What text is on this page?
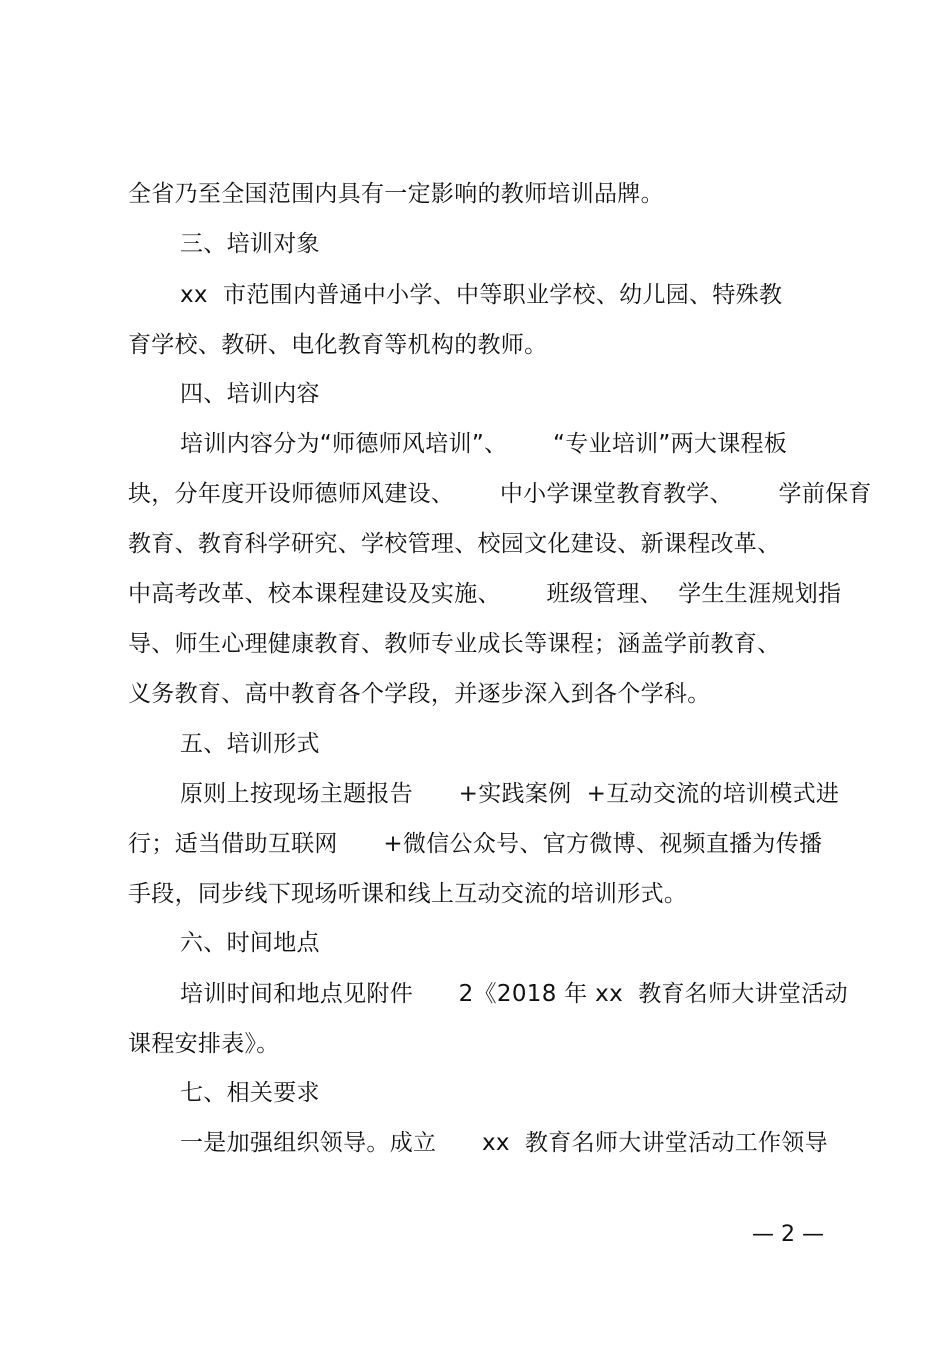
全省乃至全国范围内具有一定影响的教师培训品牌。
三、培训对象
xx  市范围内普通中小学、中等职业学校、幼儿园、特殊教
育学校、教研、电化教育等机构的教师。
四、培训内容
培训内容分为“师德师风培训”、      “专业培训”两大课程板
块，分年度开设师德师风建设、      中小学课堂教育教学、      学前保育
教育、教育科学研究、学校管理、校园文化建设、新课程改革、
中高考改革、校本课程建设及实施、      班级管理、  学生生涯规划指
导、师生心理健康教育、教师专业成长等课程；涵盖学前教育、
义务教育、高中教育各个学段，并逐步深入到各个学科。
五、培训形式
原则上按现场主题报告      +实践案例  +互动交流的培训模式进
行；适当借助互联网      +微信公众号、官方微博、视频直播为传播
手段，同步线下现场听课和线上互动交流的培训形式。
六、时间地点
培训时间和地点见附件      2《2018 年 xx  教育名师大讲堂活动
课程安排表》。
七、相关要求
一是加强组织领导。成立      xx  教育名师大讲堂活动工作领导
— 2 —
